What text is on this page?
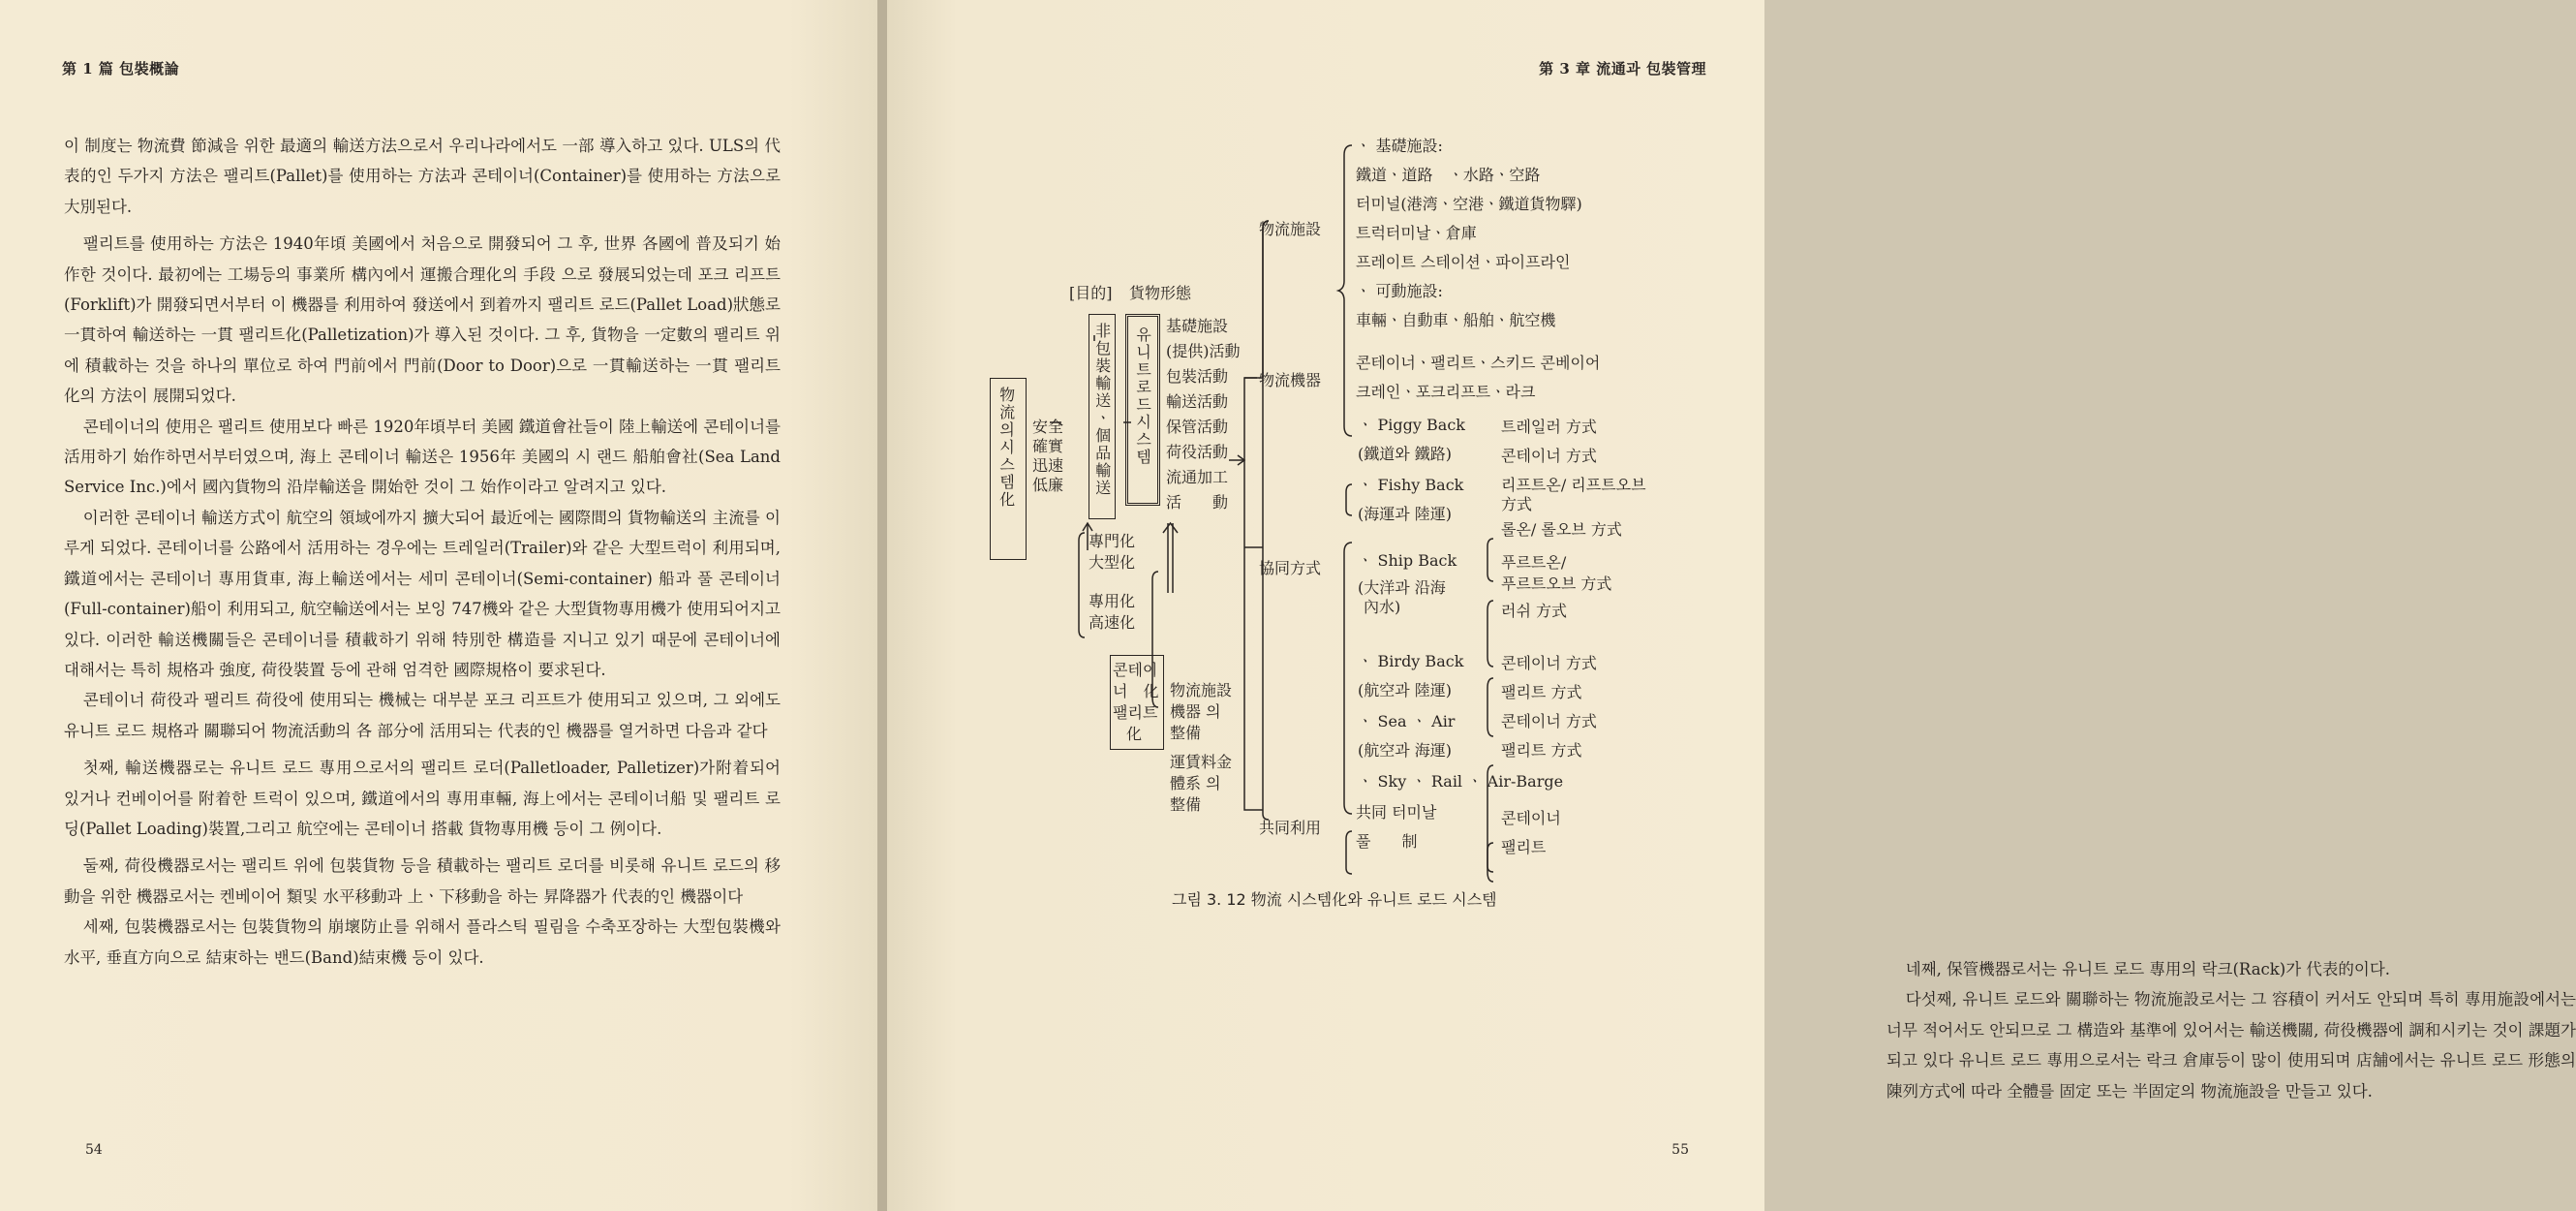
第 1 篇 包裝概論

이 制度는 物流費 節減을 위한 最適의 輸送方法으로서 우리나라에서도 一部 導入하고 있다. ULS의 代表的인 두가지 方法은 팰리트(Pallet)를 使用하는 方法과 콘테이너(Container)를 使用하는 方法으로 大別된다.

팰리트를 使用하는 方法은 1940年頃 美國에서 처음으로 開發되어 그 후, 世界 各國에 普及되기 始作한 것이다. 最初에는 工場등의 事業所 構內에서 運搬合理化의 手段 으로 發展되었는데 포크 리프트(Forklift)가 開發되면서부터 이 機器를 利用하여 發送에서 到着까지 팰리트 로드(Pallet Load)狀態로 一貫하여 輸送하는 一貫 팰리트化(Palletization)가 導入된 것이다. 그 후, 貨物을 一定數의 팰리트 위에 積載하는 것을 하나의 單位로 하여 門前에서 門前(Door to Door)으로 一貫輸送하는 一貫 팰리트化의 方法이 展開되었다.

콘테이너의 使用은 팰리트 使用보다 빠른 1920年頃부터 美國 鐵道會社들이 陸上輸送에 콘테이너를 活用하기 始作하면서부터였으며, 海上 콘테이너 輸送은 1956年 美國의 시 랜드 船舶會社(Sea Land Service Inc.)에서 國內貨物의 沿岸輸送을 開始한 것이 그 始作이라고 알려지고 있다.

이러한 콘테이너 輸送方式이 航空의 領域에까지 擴大되어 最近에는 國際間의 貨物輸送의 主流를 이루게 되었다. 콘테이너를 公路에서 活用하는 경우에는 트레일러(Trailer)와 같은 大型트럭이 利用되며, 鐵道에서는 콘테이너 專用貨車, 海上輸送에서는 세미 콘테이너(Semi-container) 船과 풀 콘테이너(Full-container)船이 利用되고, 航空輸送에서는 보잉 747機와 같은 大型貨物專用機가 使用되어지고 있다. 이러한 輸送機關들은 콘테이너를 積載하기 위해 特別한 構造를 지니고 있기 때문에 콘테이너에 대해서는 특히 規格과 強度, 荷役裝置 등에 관해 엄격한 國際規格이 要求된다.

콘테이너 荷役과 팰리트 荷役에 使用되는 機械는 대부분 포크 리프트가 使用되고 있으며, 그 외에도 유니트 로드 規格과 關聯되어 物流活動의 各 部分에 活用되는 代表的인 機器를 열거하면 다음과 같다

첫째, 輸送機器로는 유니트 로드 專用으로서의 팰리트 로더(Palletloader, Palletizer)가附着되어 있거나 컨베이어를 附着한 트럭이 있으며, 鐵道에서의 專用車輛, 海上에서는 콘테이너船 및 팰리트 로딩(Pallet Loading)裝置,그리고 航空에는 콘테이너 搭載 貨物專用機 등이 그 例이다.

둘째, 荷役機器로서는 팰리트 위에 包裝貨物 등을 積載하는 팰리트 로더를 비롯해 유니트 로드의 移動을 위한 機器로서는 켄베이어 類및 水平移動과 上ㆍ下移動을 하는 昇降器가 代表的인 機器이다

세째, 包裝機器로서는 包裝貨物의 崩壞防止를 위해서 플라스틱 필림을 수축포장하는 大型包裝機와 水平, 垂直方向으로 結束하는 밴드(Band)結束機 등이 있다.

54
第 3 章 流通과 包裝管理

네째, 保管機器로서는 유니트 로드 專用의 락크(Rack)가 代表的이다.

다섯째, 유니트 로드와 關聯하는 物流施設로서는 그 容積이 커서도 안되며 특히 專用施設에서는 너무 적어서도 안되므로 그 構造와 基準에 있어서는 輸送機關, 荷役機器에 調和시키는 것이 課題가 되고 있다 유니트 로드 專用으로서는 락크 倉庫등이 많이 使用되며 店舗에서는 유니트 로드 形態의 陳列方式에 따라 全體를 固定 또는 半固定의 物流施設을 만들고 있다.

55
[目的] 貨物形態
物流의시스템化 安全
確實
迅速
低廉 非包裝輸送ㆍ個品輸送 유니트로드시스템
基礎施設
(提供)活動
包裝活動
輸送活動
保管活動
荷役活動
流通加工
活　　動
專門化
大型化
專用化
高速化
콘테이
너　化
팰리트
化
物流施設
機器 의
整備
運賃料金
體系 의
整備
物流施設
物流機器
協同方式
共同利用
ㆍ 基礎施設:
鐵道ㆍ道路　ㆍ水路ㆍ空路
터미널(港湾ㆍ空港ㆍ鐵道貨物驛)
트럭터미날ㆍ倉庫
프레이트 스테이션ㆍ파이프라인
ㆍ 可動施設:
車輛ㆍ自動車ㆍ船舶ㆍ航空機
콘테이너ㆍ팰리트ㆍ스키드 콘베이어
크레인ㆍ포크리프트ㆍ라크
ㆍ Piggy Back
(鐵道와 鐵路)
트레일러 方式
콘테이너 方式
ㆍ Fishy Back
(海運과 陸運)
리프트온/ 리프트오브
方式
롤온/ 롤오브 方式
ㆍ Ship Back
(大洋과 沿海
內水)
푸르트온/
푸르트오브 方式
러쉬 方式
ㆍ Birdy Back
(航空과 陸運)
콘테이너 方式
팰리트 方式
ㆍ Sea ㆍ Air
(航空과 海運)
콘테이너 方式
팰리트 方式
ㆍ Sky ㆍ Rail ㆍ Air-Barge
共同 터미날
풀　　制
콘테이너
팰리트
그림 3. 12 物流 시스템化와 유니트 로드 시스템
